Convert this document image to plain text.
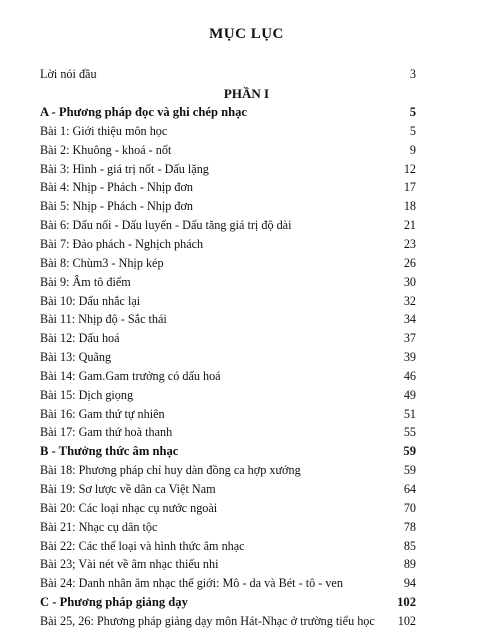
MỤC LỤC
Lời nói đầu	3
PHẦN I
A - Phương pháp đọc và ghi chép nhạc	5
Bài 1: Giới thiệu môn học	5
Bài 2: Khuông - khoá - nốt	9
Bài 3: Hình - giá trị nốt - Dấu lặng	12
Bài 4: Nhịp - Phách - Nhịp đơn	17
Bài 5: Nhịp - Phách - Nhịp đơn	18
Bài 6: Dấu nối - Dấu luyến - Dấu tăng giá trị độ dài	21
Bài 7: Đảo phách - Nghịch phách	23
Bài 8: Chùm3 - Nhịp kép	26
Bài 9: Âm tô điểm	30
Bài 10: Dấu nhắc lại	32
Bài 11: Nhịp độ - Sắc thái	34
Bài 12: Dấu hoá	37
Bài 13: Quãng	39
Bài 14: Gam.Gam trưởng có dấu hoá	46
Bài 15: Dịch giọng	49
Bài 16: Gam thứ tự nhiên	51
Bài 17: Gam thứ hoà thanh	55
B - Thưởng thức âm nhạc	59
Bài 18: Phương pháp chỉ huy dàn đồng ca hợp xướng	59
Bài 19: Sơ lược về dân ca Việt Nam	64
Bài 20: Các loại nhạc cụ nước ngoài	70
Bài 21: Nhạc cụ dân tộc	78
Bài 22: Các thể loại và hình thức âm nhạc	85
Bài 23; Vài nét về âm nhạc thiếu nhi	89
Bài 24: Danh nhân âm nhạc thế giới: Mô - da và Bét - tô - ven	94
C - Phương pháp giảng dạy	102
Bài 25, 26: Phương pháp giảng dạy môn Hát-Nhạc ở trường tiểu học 102
